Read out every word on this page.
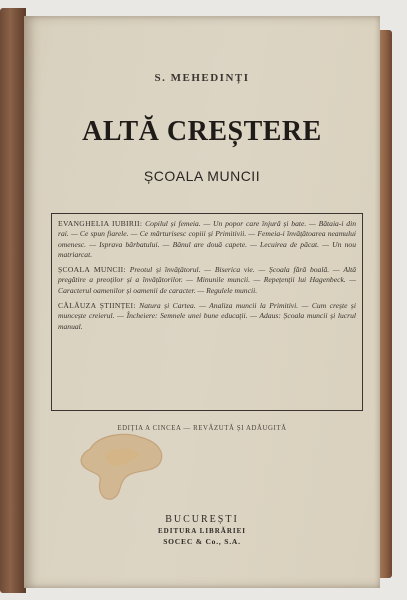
S. MEHEDINȚI
ALTĂ CREȘTERE
ȘCOALA MUNCII

EVANGHELIA IUBIRII: Copilul și femeia. — Un popor care înjură și bate. — Bătaia-i din rai. — Ce spun fiarele. — Ce mărturisesc copiii și Primitivii. — Femeia-i învățătoarea neamului omenesc. — Isprava bărbatului. — Bănul are două capete. — Lecuirea de păcat. — Un nou matriarcat.

ȘCOALA MUNCII: Preotul și învățătorul. — Biserica vie. — Școala fără boală. — Altă pregătire a preoților și a învățătorilor. — Minunile muncii. — Repețenții lui Hagenbeck. — Caracterul oamenilor și oamenii de caracter. — Regulele muncii.

CĂLĂUZA ȘTIINȚEI: Natura și Cartea. — Analiza muncii la Primitivi. — Cum crește și muncește creierul. — Încheiere: Semnele unei bune educații. — Adaus: Școala muncii și lucrul manual.

EDIȚIA A CINCEA — REVĂZUTĂ ȘI ADĂUGITĂ
BUCUREȘTI
EDITURA LIBRĂRIEI
SOCEC & Co., S.A.
